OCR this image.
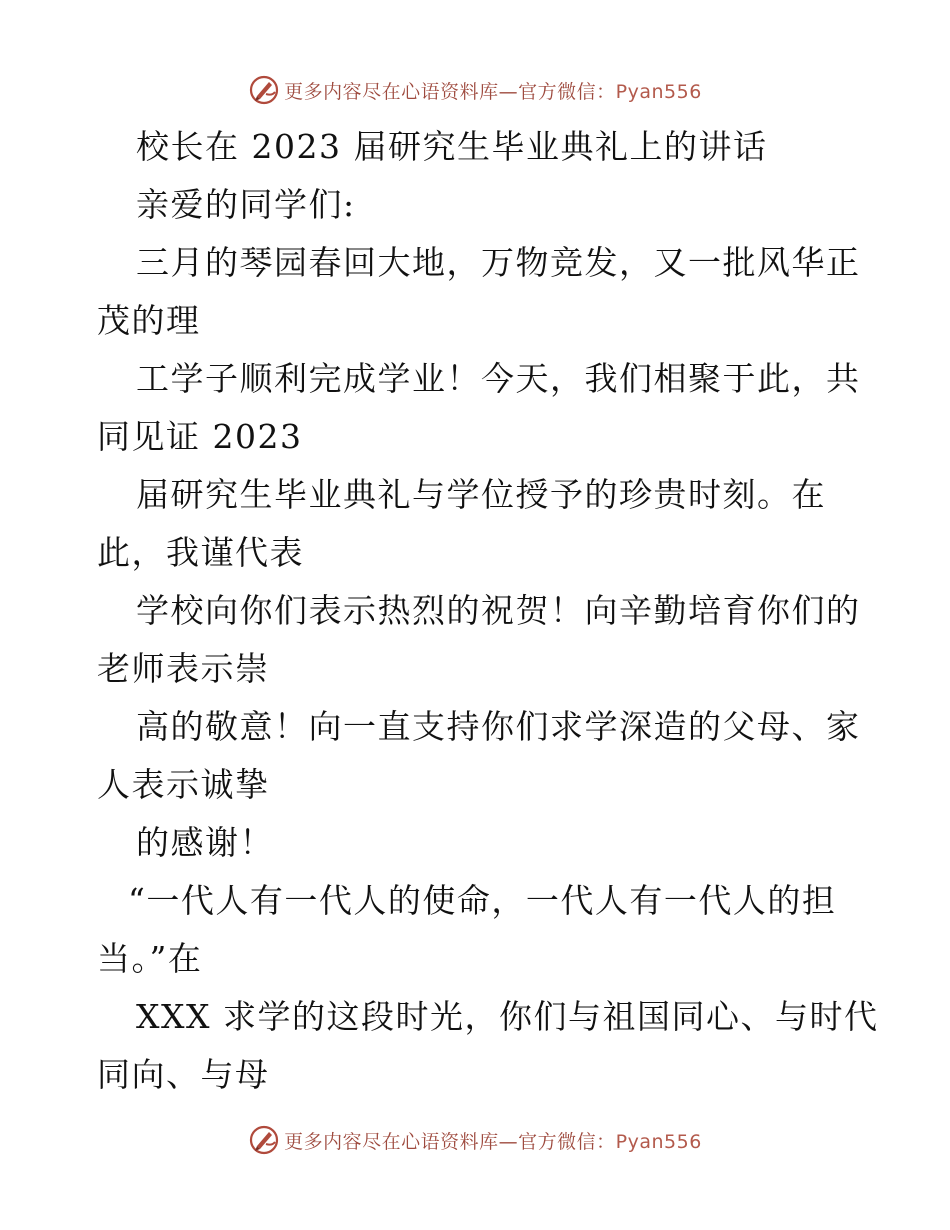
更多内容尽在心语资料库—官方微信：Pyan556
校长在 2023 届研究生毕业典礼上的讲话
亲爱的同学们:
三月的琴园春回大地，万物竞发，又一批风华正
茂的理
工学子顺利完成学业！今天，我们相聚于此，共
同见证 2023
届研究生毕业典礼与学位授予的珍贵时刻。在
此，我谨代表
学校向你们表示热烈的祝贺！向辛勤培育你们的
老师表示崇
高的敬意！向一直支持你们求学深造的父母、家
人表示诚挚
的感谢！
“一代人有一代人的使命，一代人有一代人的担
当。”在
XXX 求学的这段时光，你们与祖国同心、与时代
同向、与母
更多内容尽在心语资料库—官方微信：Pyan556
